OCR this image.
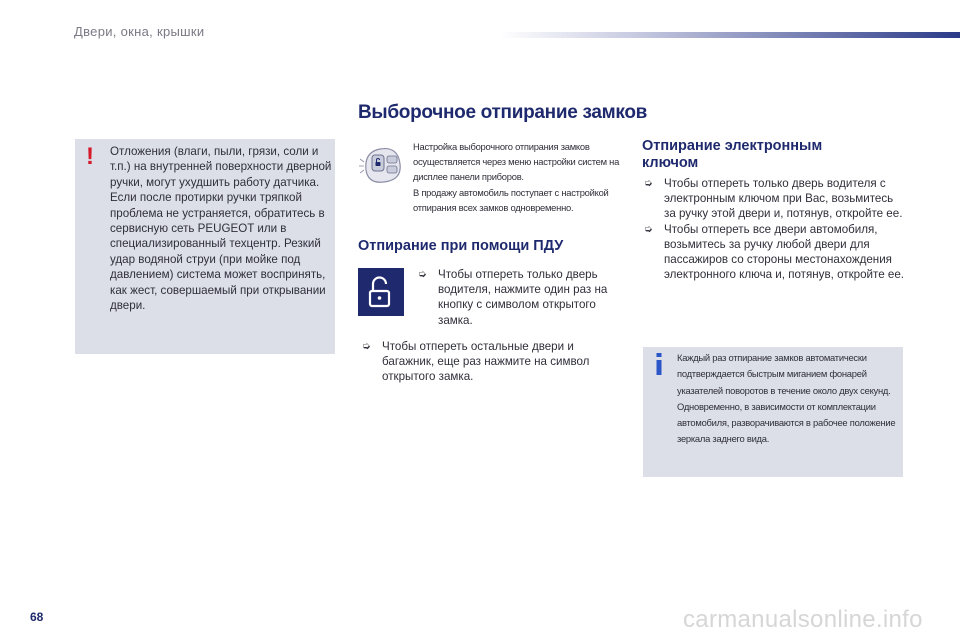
Двери, окна, крышки
Выборочное отпирание замков
! Отложения (влаги, пыли, грязи, соли и т.п.) на внутренней поверхности дверной ручки, могут ухудшить работу датчика. Если после протирки ручки тряпкой проблема не устраняется, обратитесь в сервисную сеть PEUGEOT или в специализированный техцентр. Резкий удар водяной струи (при мойке под давлением) система может воспринять, как жест, совершаемый при открывании двери.
Настройка выборочного отпирания замков осуществляется через меню настройки систем на дисплее панели приборов.
В продажу автомобиль поступает с настройкой отпирания всех замков одновременно.
Отпирание при помощи ПДУ
➭ Чтобы отпереть только дверь водителя, нажмите один раз на кнопку с символом открытого замка.
➭ Чтобы отпереть остальные двери и багажник, еще раз нажмите на символ открытого замка.
Отпирание электронным ключом
➭ Чтобы отпереть только дверь водителя с электронным ключом при Вас, возьмитесь за ручку этой двери и, потянув, откройте ее.
➭ Чтобы отпереть все двери автомобиля, возьмитесь за ручку любой двери для пассажиров со стороны местонахождения электронного ключа и, потянув, откройте ее.
Каждый раз отпирание замков автоматически подтверждается быстрым миганием фонарей указателей поворотов в течение около двух секунд. Одновременно, в зависимости от комплектации автомобиля, разворачиваются в рабочее положение зеркала заднего вида.
68	carmanualsonline.info
